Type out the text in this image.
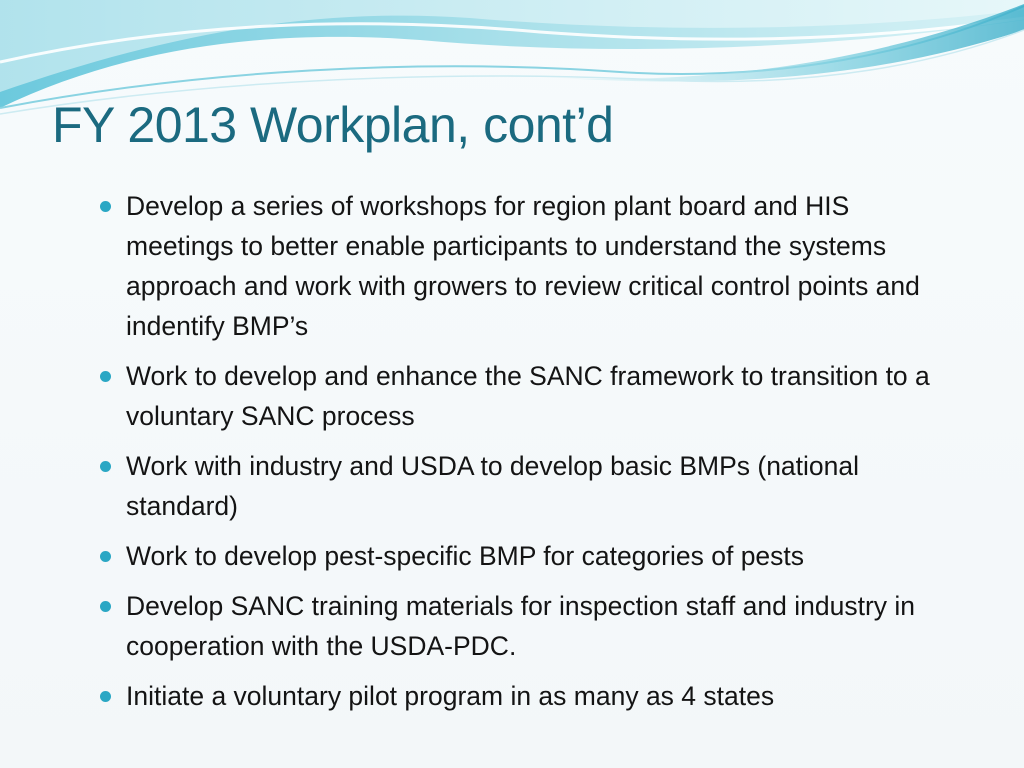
FY 2013 Workplan, cont’d
Develop a series of workshops for region plant board and HIS meetings to better enable participants to understand the systems approach and work with growers to review critical control points and indentify BMP’s
Work to develop and enhance the SANC framework to transition to a voluntary SANC process
Work with industry and USDA to develop basic BMPs (national standard)
Work to develop pest-specific BMP for categories of pests
Develop SANC training materials for inspection staff and industry in cooperation with the USDA-PDC.
Initiate a voluntary pilot program in as many as 4 states
